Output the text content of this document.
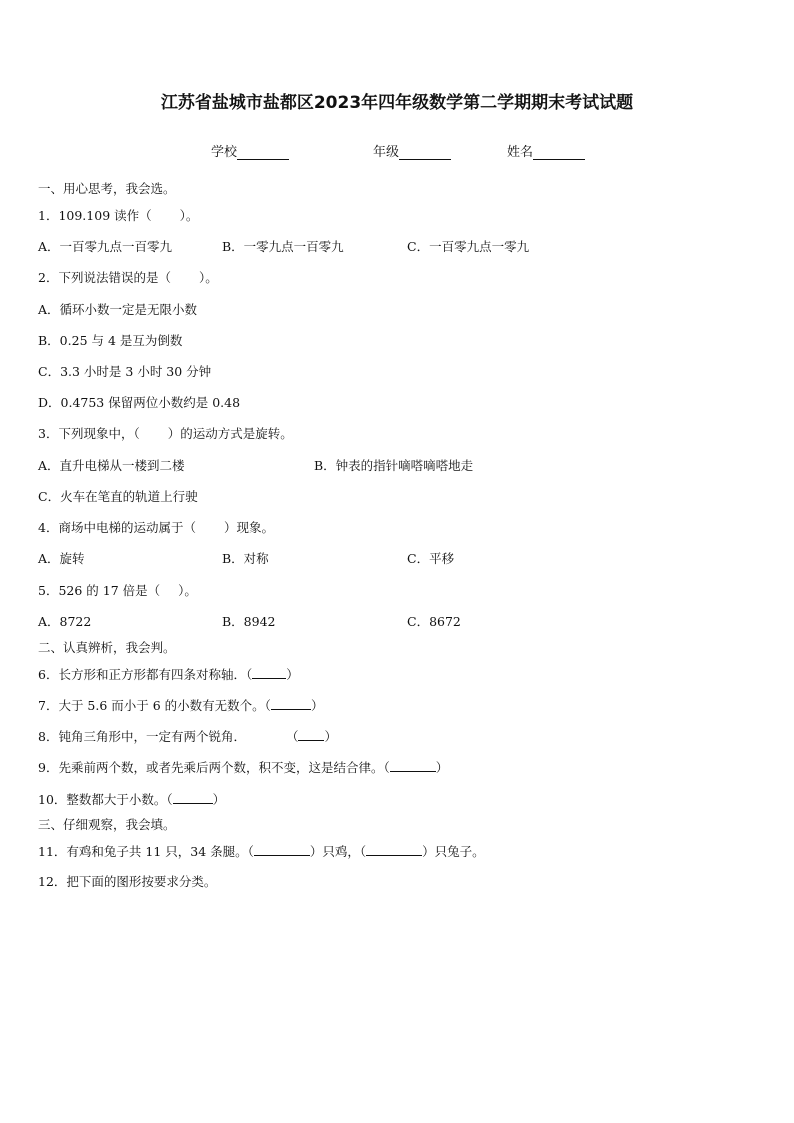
江苏省盐城市盐都区2023年四年级数学第二学期期末考试试题
学校	年级	姓名
一、用心思考，我会选。
1．109.109 读作（ ）。
A．一百零九点一百零九	B．一零九点一百零九	C．一百零九点一零九
2．下列说法错误的是（ ）。
A．循环小数一定是无限小数
B．0.25 与 4 是互为倒数
C．3.3 小时是 3 小时 30 分钟
D．0.4753 保留两位小数约是 0.48
3．下列现象中，（ ）的运动方式是旋转。
A．直升电梯从一楼到二楼	B．钟表的指针嘀嗒嘀嗒地走
C．火车在笔直的轨道上行驶
4．商场中电梯的运动属于（ ）现象。
A．旋转	B．对称	C．平移
5．526 的 17 倍是（ ）。
A．8722	B．8942	C．8672
二、认真辨析，我会判。
6．长方形和正方形都有四条对称轴．（	）
7．大于 5.6 而小于 6 的小数有无数个。（	）
8．钝角三角形中，一定有两个锐角．	（ ）
9．先乘前两个数，或者先乘后两个数，积不变，这是结合律。（	）
10．整数都大于小数。（	）
三、仔细观察，我会填。
11．有鸡和兔子共 11 只，34 条腿。（	）只鸡，（	）只兔子。
12．把下面的图形按要求分类。
